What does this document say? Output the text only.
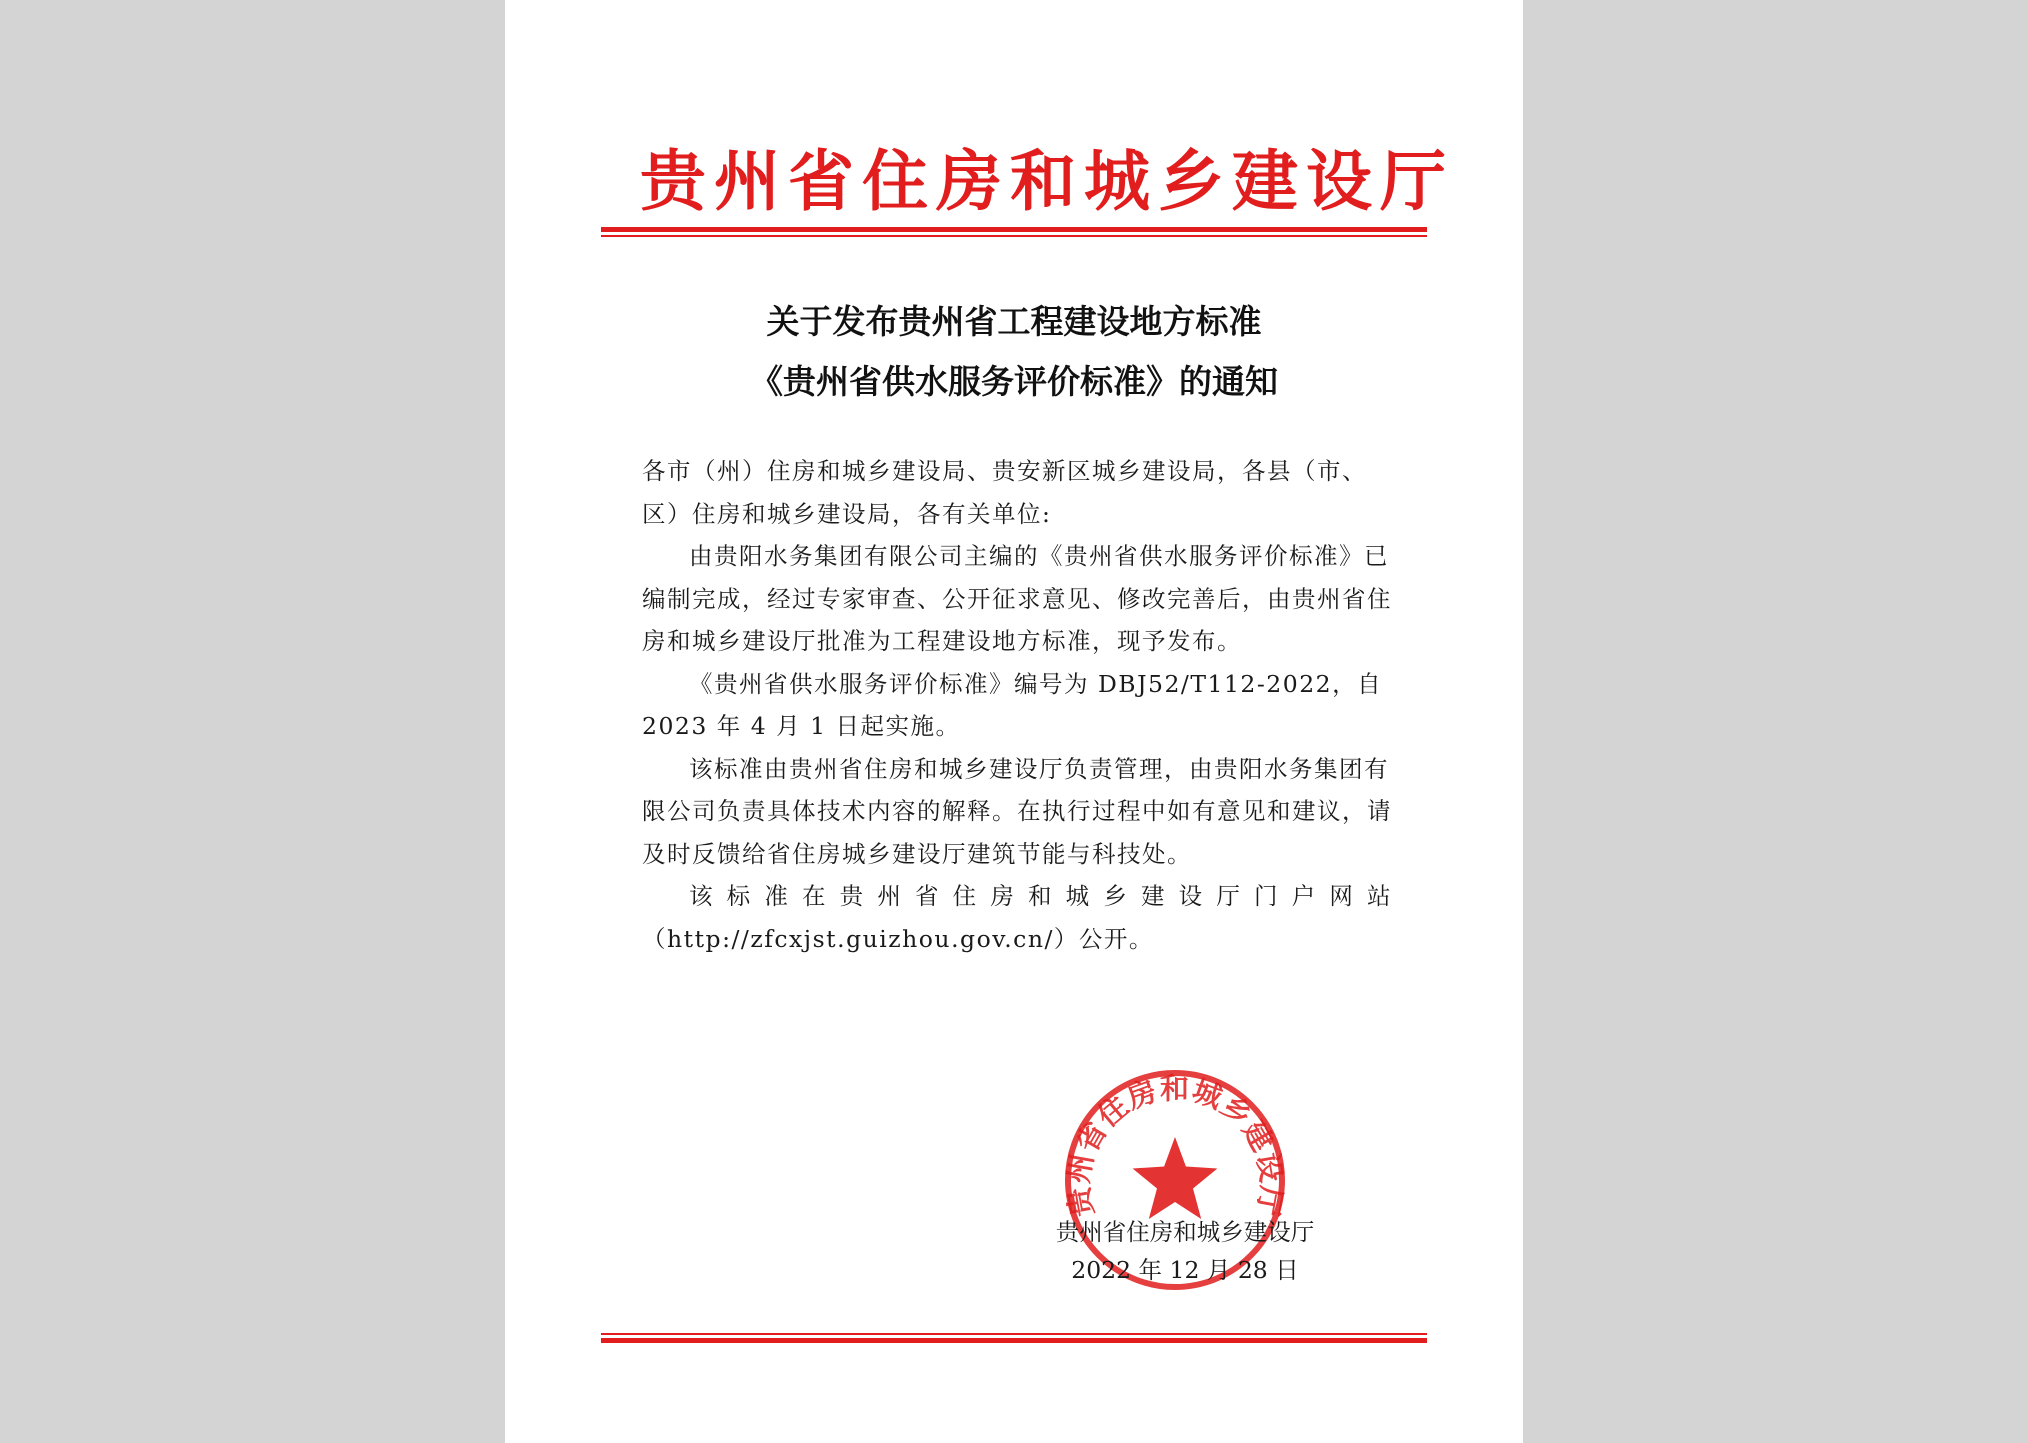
贵州省住房和城乡建设厅
关于发布贵州省工程建设地方标准
《贵州省供水服务评价标准》的通知

各市（州）住房和城乡建设局、贵安新区城乡建设局，各县（市、

区）住房和城乡建设局，各有关单位:

由贵阳水务集团有限公司主编的《贵州省供水服务评价标准》已编制完成，经过专家审查、公开征求意见、修改完善后，由贵州省住房和城乡建设厅批准为工程建设地方标准，现予发布。

《贵州省供水服务评价标准》编号为 DBJ52/T112-2022，自2023 年 4 月 1 日起实施。

该标准由贵州省住房和城乡建设厅负责管理，由贵阳水务集团有限公司负责具体技术内容的解释。在执行过程中如有意见和建议，请及时反馈给省住房城乡建设厅建筑节能与科技处。

该标准在贵州省住房和城乡建设厅门户网站

（http://zfcxjst.guizhou.gov.cn/）公开。

贵州省住房和城乡建设厅
贵州省住房和城乡建设厅
2022 年 12 月 28 日
